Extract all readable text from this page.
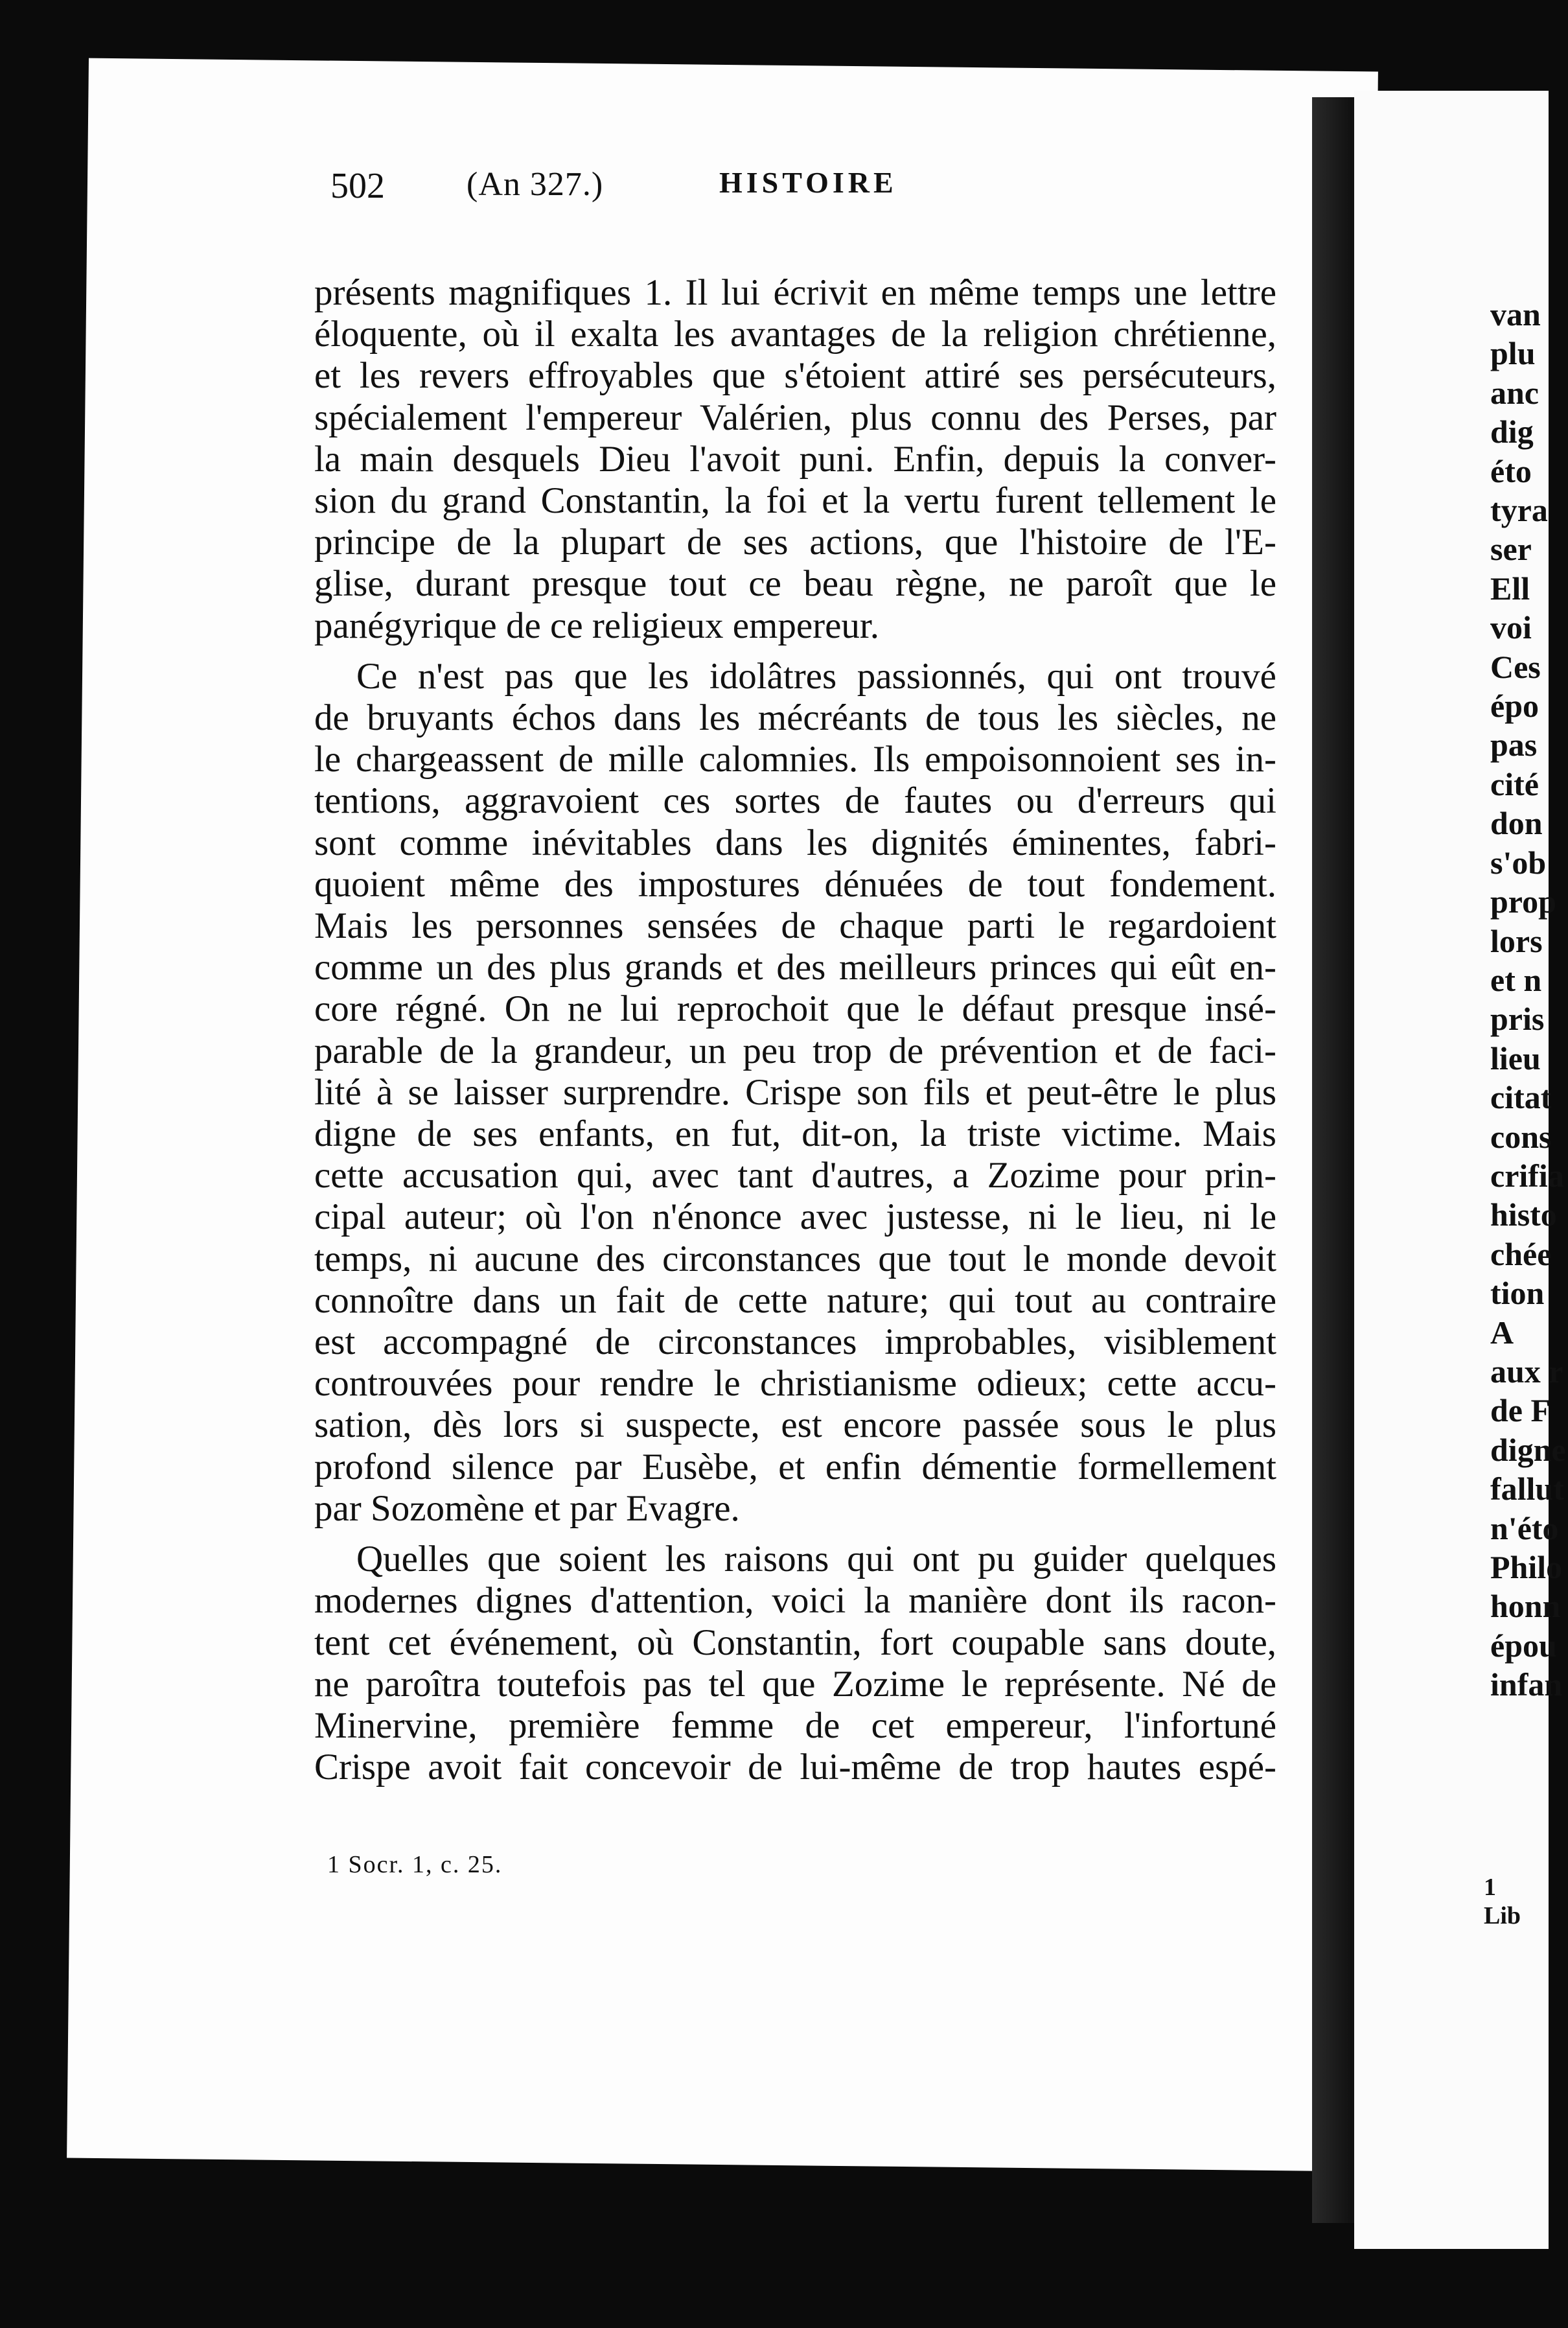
502 (An 327.)	HISTOIRE
présents magnifiques 1. Il lui écrivit en même temps une lettre
éloquente, où il exalta les avantages de la religion chrétienne,
et les revers effroyables que s'étoient attiré ses persécuteurs,
spécialement l'empereur Valérien, plus connu des Perses, par
la main desquels Dieu l'avoit puni. Enfin, depuis la conver-
sion du grand Constantin, la foi et la vertu furent tellement le
principe de la plupart de ses actions, que l'histoire de l'E-
glise, durant presque tout ce beau règne, ne paroît que le
panégyrique de ce religieux empereur.
Ce n'est pas que les idolâtres passionnés, qui ont trouvé
de bruyants échos dans les mécréants de tous les siècles, ne
le chargeassent de mille calomnies. Ils empoisonnoient ses in-
tentions, aggravoient ces sortes de fautes ou d'erreurs qui
sont comme inévitables dans les dignités éminentes, fabri-
quoient même des impostures dénuées de tout fondement.
Mais les personnes sensées de chaque parti le regardoient
comme un des plus grands et des meilleurs princes qui eût en-
core régné. On ne lui reprochoit que le défaut presque insé-
parable de la grandeur, un peu trop de prévention et de faci-
lité à se laisser surprendre. Crispe son fils et peut-être le plus
digne de ses enfants, en fut, dit-on, la triste victime. Mais
cette accusation qui, avec tant d'autres, a Zozime pour prin-
cipal auteur; où l'on n'énonce avec justesse, ni le lieu, ni le
temps, ni aucune des circonstances que tout le monde devoit
connoître dans un fait de cette nature; qui tout au contraire
est accompagné de circonstances improbables, visiblement
controuvées pour rendre le christianisme odieux; cette accu-
sation, dès lors si suspecte, est encore passée sous le plus
profond silence par Eusèbe, et enfin démentie formellement
par Sozomène et par Evagre.
Quelles que soient les raisons qui ont pu guider quelques
modernes dignes d'attention, voici la manière dont ils racon-
tent cet événement, où Constantin, fort coupable sans doute,
ne paroîtra toutefois pas tel que Zozime le représente. Né de
Minervine, première femme de cet empereur, l'infortuné
Crispe avoit fait concevoir de lui-même de trop hautes espé-
1 Socr. 1, c. 25.
van
plu
anc
dig
éto
tyra
ser
Ell
voi
Ces
épo
pas
cité
don
s'ob
prop
lors
et n
pris
lieu
citat
cons
crifia
histo
chée
tion
A
aux r
de F
digne
fallut
n'éto
Philo
honn
épou
infan
1 Lib
